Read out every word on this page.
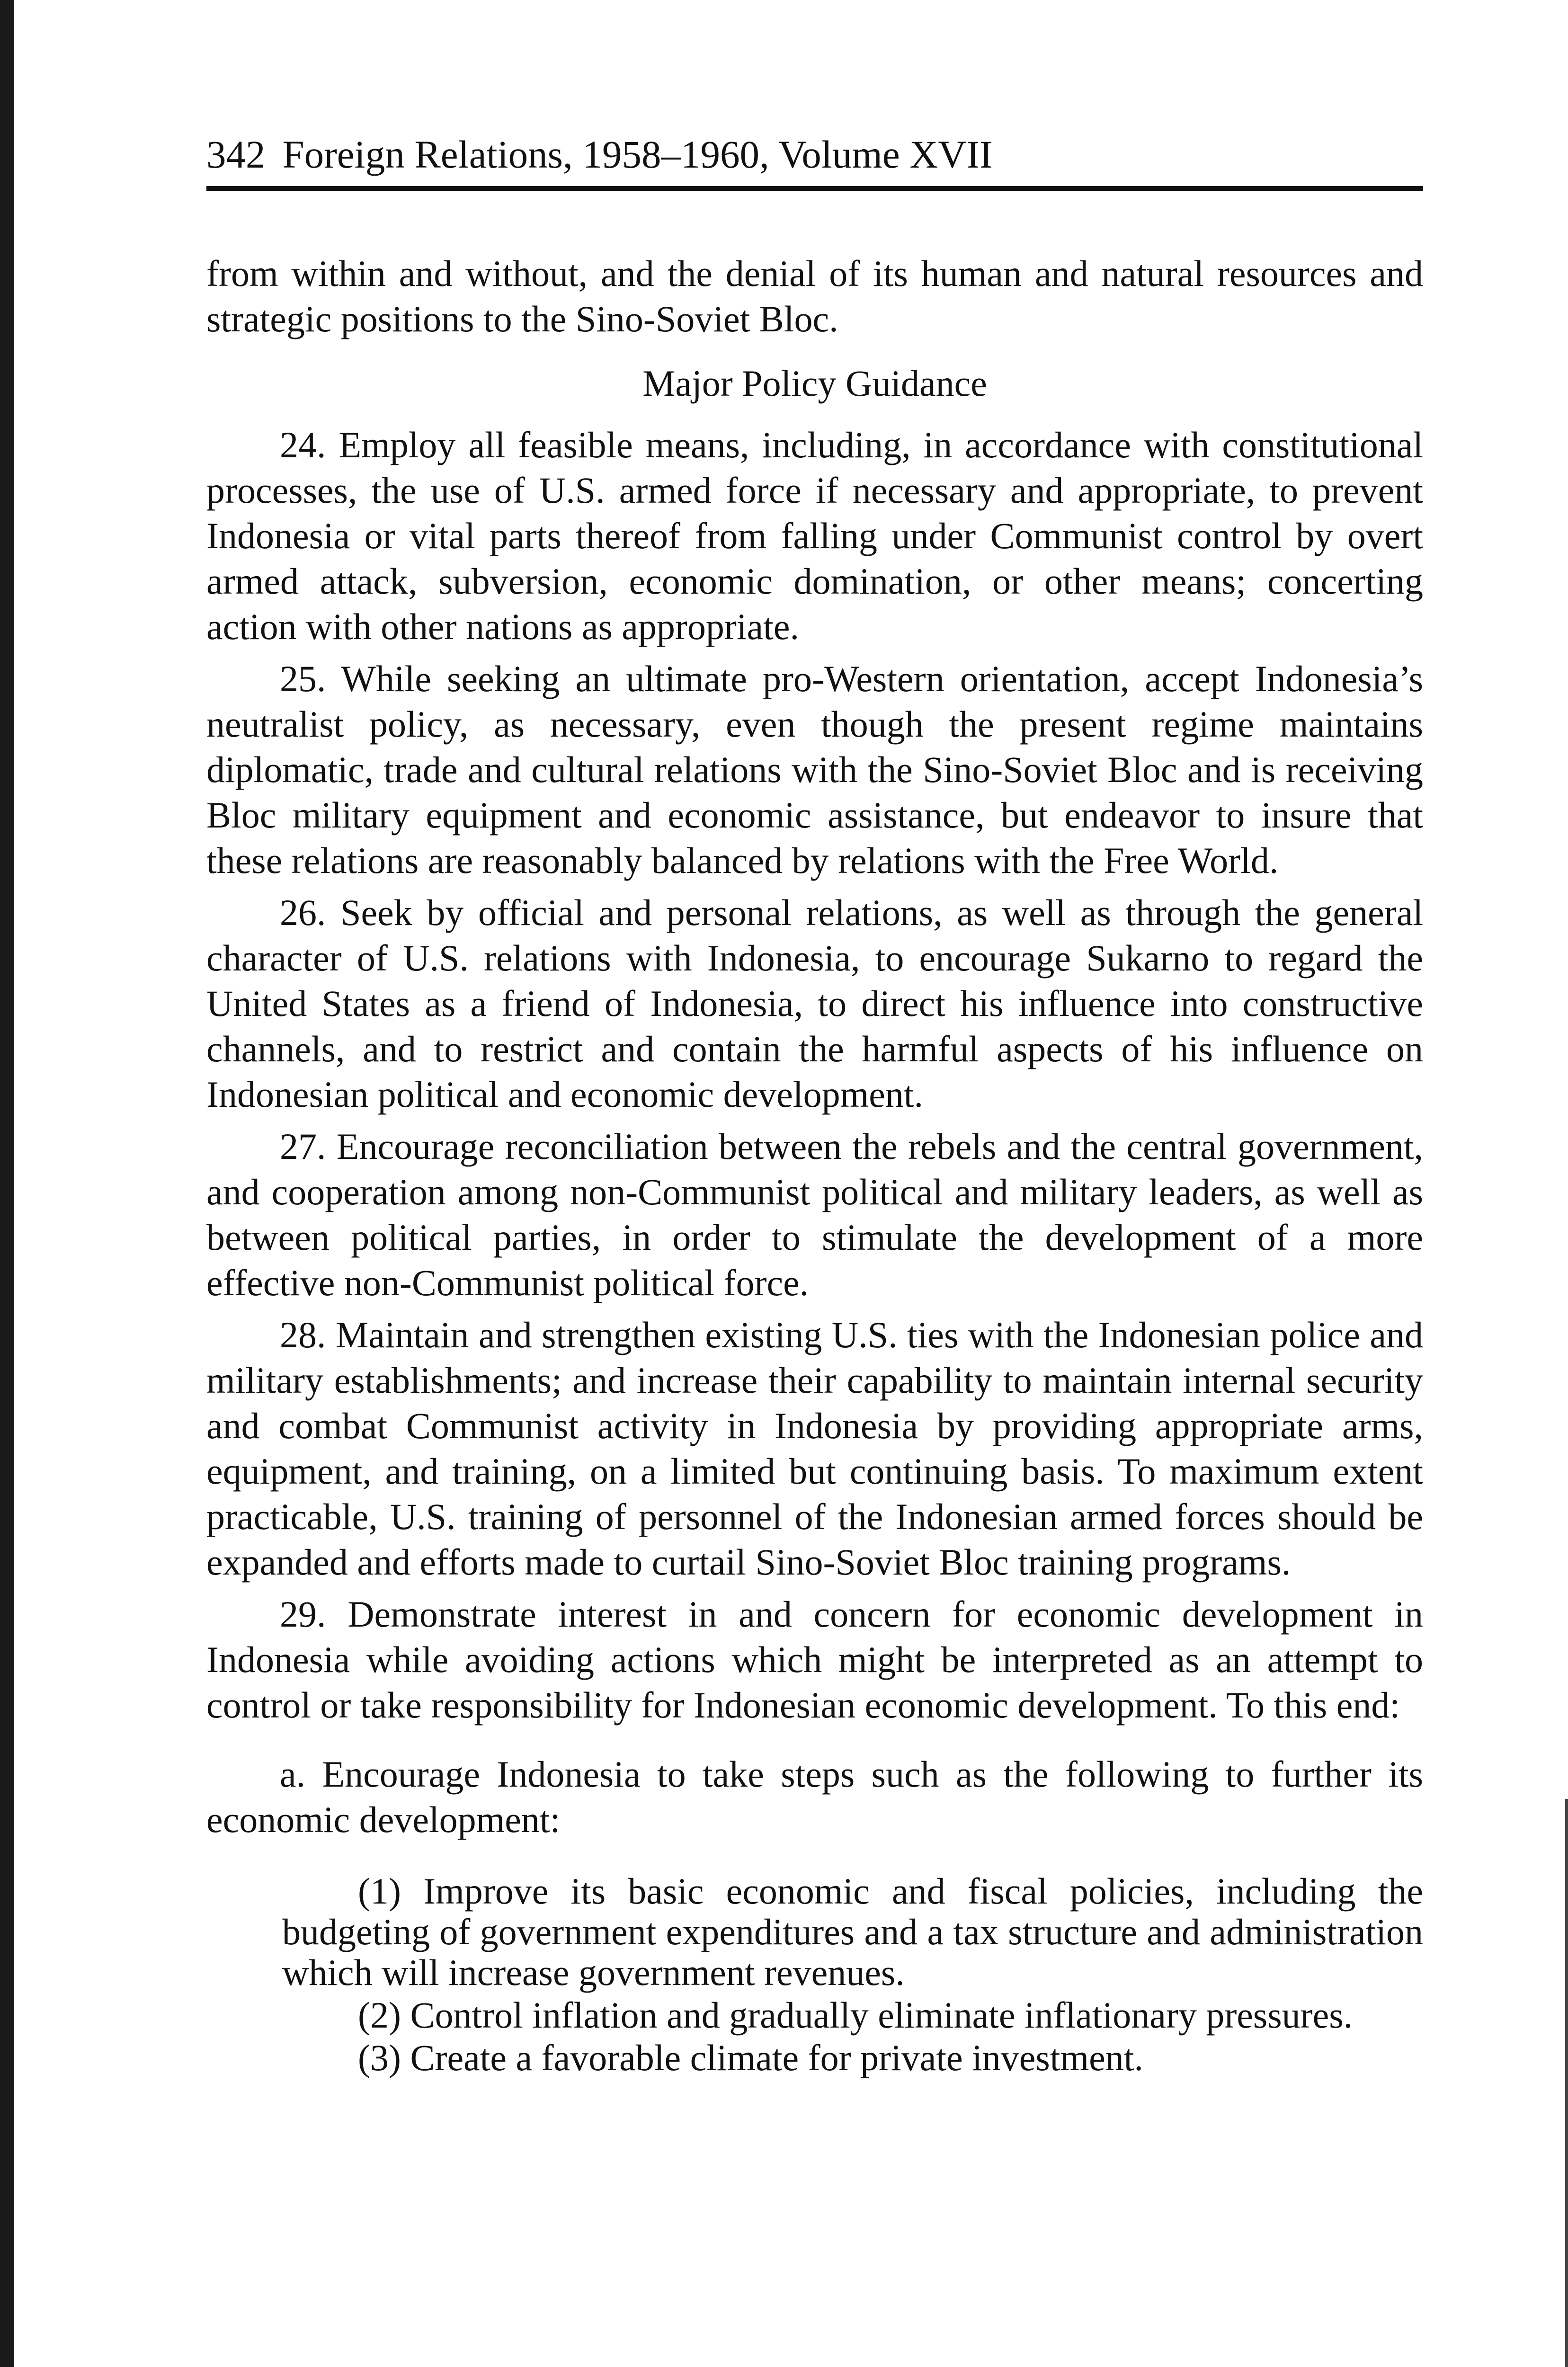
342 Foreign Relations, 1958–1960, Volume XVII

from within and without, and the denial of its human and natural resources and strategic positions to the Sino-Soviet Bloc.

Major Policy Guidance

24. Employ all feasible means, including, in accordance with constitutional processes, the use of U.S. armed force if necessary and appropriate, to prevent Indonesia or vital parts thereof from falling under Communist control by overt armed attack, subversion, economic domination, or other means; concerting action with other nations as appropriate.

25. While seeking an ultimate pro-Western orientation, accept Indonesia’s neutralist policy, as necessary, even though the present regime maintains diplomatic, trade and cultural relations with the Sino-Soviet Bloc and is receiving Bloc military equipment and economic assistance, but endeavor to insure that these relations are reasonably balanced by relations with the Free World.

26. Seek by official and personal relations, as well as through the general character of U.S. relations with Indonesia, to encourage Sukarno to regard the United States as a friend of Indonesia, to direct his influence into constructive channels, and to restrict and contain the harmful aspects of his influence on Indonesian political and economic development.

27. Encourage reconciliation between the rebels and the central government, and cooperation among non-Communist political and military leaders, as well as between political parties, in order to stimulate the development of a more effective non-Communist political force.

28. Maintain and strengthen existing U.S. ties with the Indonesian police and military establishments; and increase their capability to maintain internal security and combat Communist activity in Indonesia by providing appropriate arms, equipment, and training, on a limited but continuing basis. To maximum extent practicable, U.S. training of personnel of the Indonesian armed forces should be expanded and efforts made to curtail Sino-Soviet Bloc training programs.

29. Demonstrate interest in and concern for economic development in Indonesia while avoiding actions which might be interpreted as an attempt to control or take responsibility for Indonesian economic development. To this end:

a. Encourage Indonesia to take steps such as the following to further its economic development:

(1) Improve its basic economic and fiscal policies, including the budgeting of government expenditures and a tax structure and administration which will increase government revenues.

(2) Control inflation and gradually eliminate inflationary pressures.

(3) Create a favorable climate for private investment.
